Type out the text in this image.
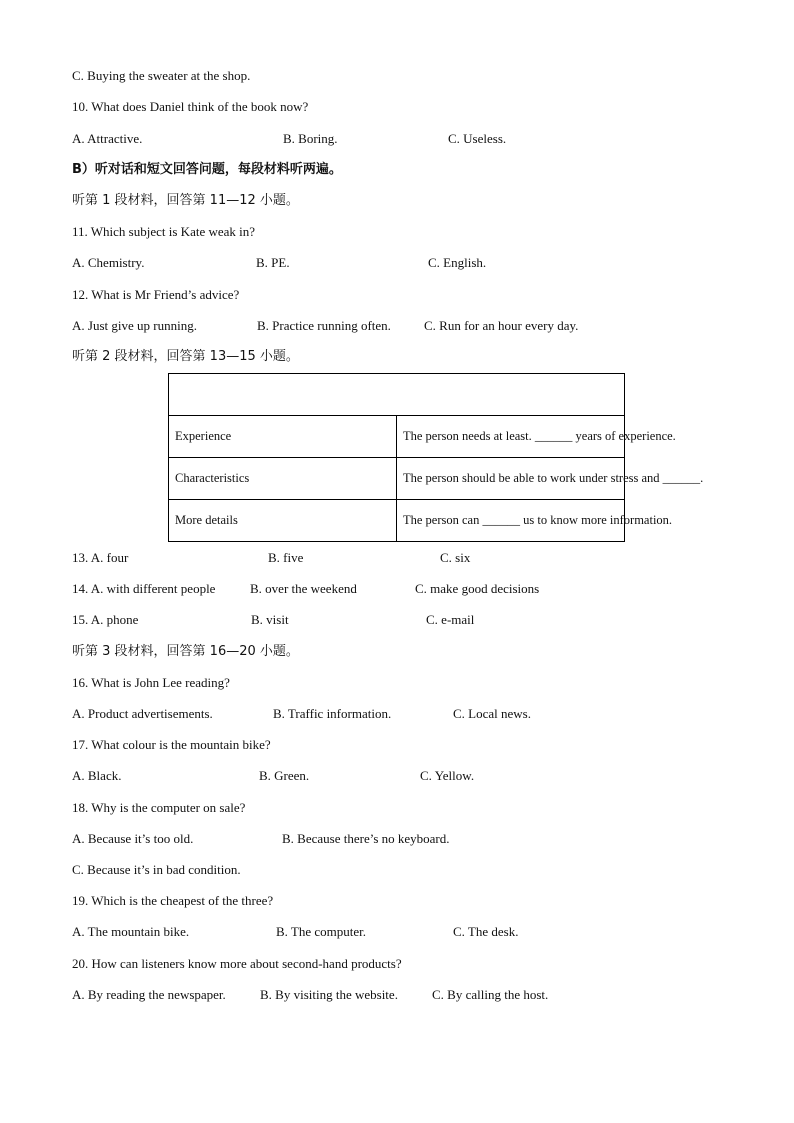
C. Buying the sweater at the shop.
10. What does Daniel think of the book now?
A. Attractive.	B. Boring.	C. Useless.
B）听对话和短文回答问题，每段材料听两遍。
听第 1 段材料，回答第 11—12 小题。
11. Which subject is Kate weak in?
A. Chemistry.	B. PE.	C. English.
12. What is Mr Friend’s advice?
A. Just give up running.	B. Practice running often.	C. Run for an hour every day.
听第 2 段材料，回答第 13—15 小题。

Experience	The person needs at least. ______ years of experience.
Characteristics	The person should be able to work under stress and ______.
More details	The person can ______ us to know more information.
13. A. four	B. five	C. six
14. A. with different people	B. over the weekend	C. make good decisions
15. A. phone	B. visit	C. e-mail
听第 3 段材料，回答第 16—20 小题。
16. What is John Lee reading?
A. Product advertisements.	B. Traffic information.	C. Local news.
17. What colour is the mountain bike?
A. Black.	B. Green.	C. Yellow.
18. Why is the computer on sale?
A. Because it’s too old.	B. Because there’s no keyboard.
C. Because it’s in bad condition.
19. Which is the cheapest of the three?
A. The mountain bike.	B. The computer.	C. The desk.
20. How can listeners know more about second-hand products?
A. By reading the newspaper.	B. By visiting the website.	C. By calling the host.
